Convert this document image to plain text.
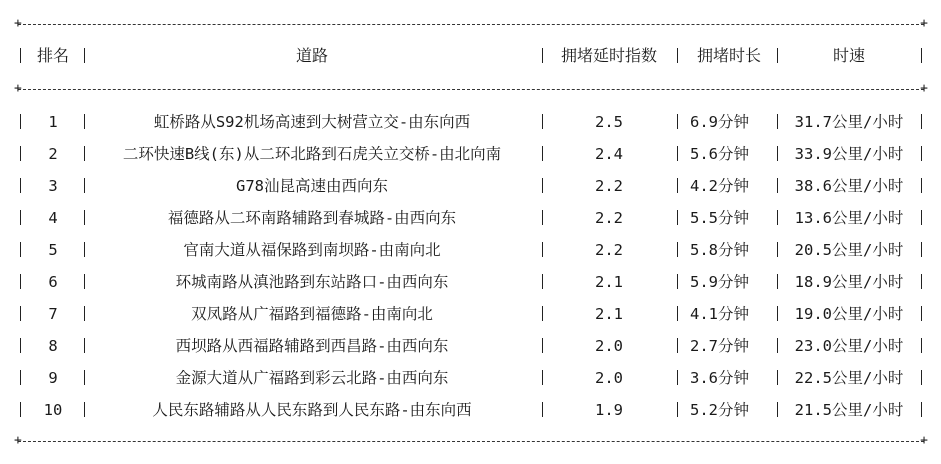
+ +
排名	道路	拥堵延时指数	拥堵时长	时速
+ +
1	虹桥路从S92机场高速到大树营立交-由东向西	2.5	6.9分钟	31.7公里/小时
2	二环快速B线(东)从二环北路到石虎关立交桥-由北向南	2.4	5.6分钟	33.9公里/小时
3	G78汕昆高速由西向东	2.2	4.2分钟	38.6公里/小时
4	福德路从二环南路辅路到春城路-由西向东	2.2	5.5分钟	13.6公里/小时
5	官南大道从福保路到南坝路-由南向北	2.2	5.8分钟	20.5公里/小时
6	环城南路从滇池路到东站路口-由西向东	2.1	5.9分钟	18.9公里/小时
7	双凤路从广福路到福德路-由南向北	2.1	4.1分钟	19.0公里/小时
8	西坝路从西福路辅路到西昌路-由西向东	2.0	2.7分钟	23.0公里/小时
9	金源大道从广福路到彩云北路-由西向东	2.0	3.6分钟	22.5公里/小时
10	人民东路辅路从人民东路到人民东路-由东向西	1.9	5.2分钟	21.5公里/小时
+ +
